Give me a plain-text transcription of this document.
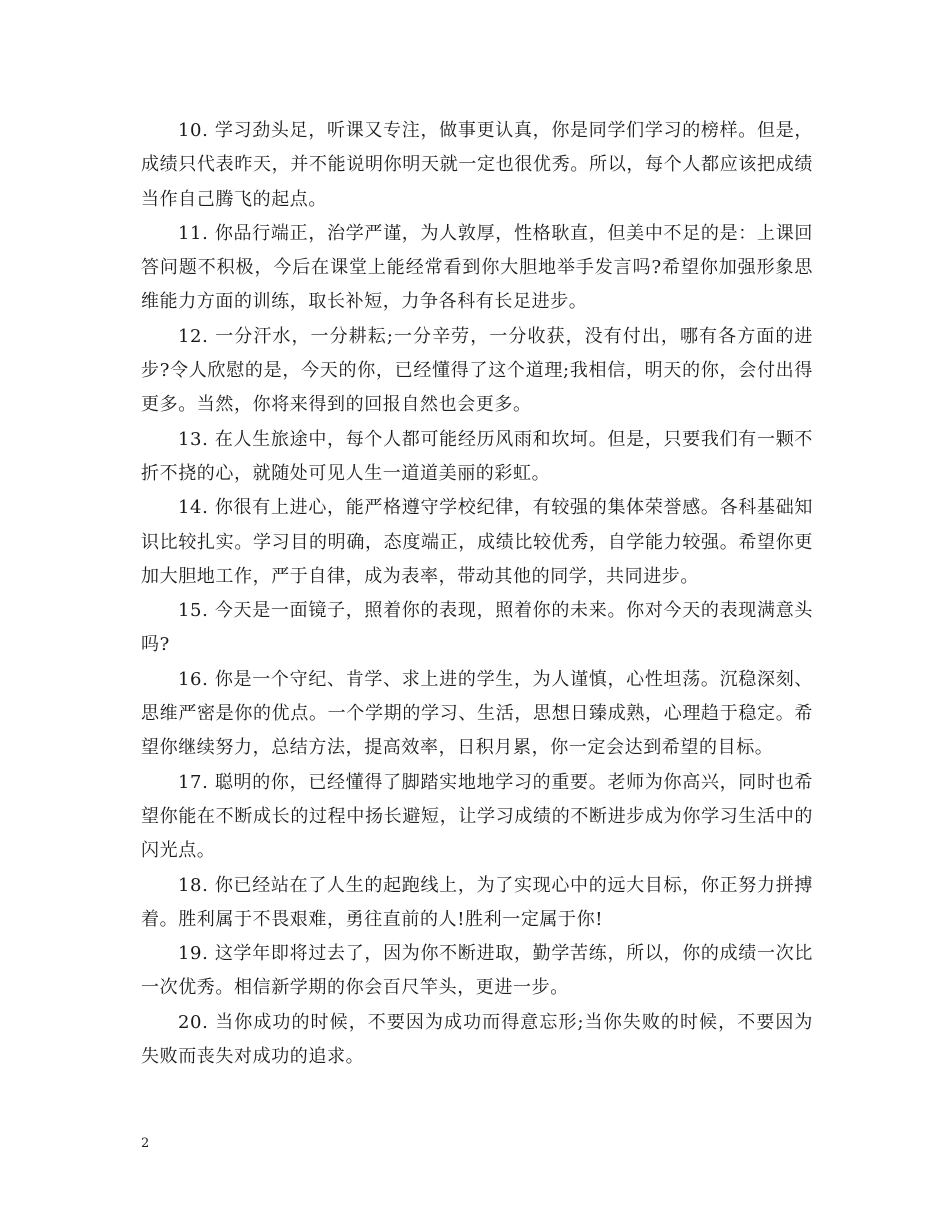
10. 学习劲头足，听课又专注，做事更认真，你是同学们学习的榜样。但是，成绩只代表昨天，并不能说明你明天就一定也很优秀。所以，每个人都应该把成绩当作自己腾飞的起点。

11. 你品行端正，治学严谨，为人敦厚，性格耿直，但美中不足的是：上课回答问题不积极，今后在课堂上能经常看到你大胆地举手发言吗?希望你加强形象思维能力方面的训练，取长补短，力争各科有长足进步。

12. 一分汗水，一分耕耘;一分辛劳，一分收获，没有付出，哪有各方面的进步?令人欣慰的是，今天的你，已经懂得了这个道理;我相信，明天的你，会付出得更多。当然，你将来得到的回报自然也会更多。

13. 在人生旅途中，每个人都可能经历风雨和坎坷。但是，只要我们有一颗不折不挠的心，就随处可见人生一道道美丽的彩虹。

14. 你很有上进心，能严格遵守学校纪律，有较强的集体荣誉感。各科基础知识比较扎实。学习目的明确，态度端正，成绩比较优秀，自学能力较强。希望你更加大胆地工作，严于自律，成为表率，带动其他的同学，共同进步。

15. 今天是一面镜子，照着你的表现，照着你的未来。你对今天的表现满意头吗?

16. 你是一个守纪、肯学、求上进的学生，为人谨慎，心性坦荡。沉稳深刻、思维严密是你的优点。一个学期的学习、生活，思想日臻成熟，心理趋于稳定。希望你继续努力，总结方法，提高效率，日积月累，你一定会达到希望的目标。

17. 聪明的你，已经懂得了脚踏实地地学习的重要。老师为你高兴，同时也希望你能在不断成长的过程中扬长避短，让学习成绩的不断进步成为你学习生活中的闪光点。

18. 你已经站在了人生的起跑线上，为了实现心中的远大目标，你正努力拼搏着。胜利属于不畏艰难，勇往直前的人!胜利一定属于你!

19. 这学年即将过去了，因为你不断进取，勤学苦练，所以，你的成绩一次比一次优秀。相信新学期的你会百尺竿头，更进一步。

20. 当你成功的时候，不要因为成功而得意忘形;当你失败的时候，不要因为失败而丧失对成功的追求。

2
